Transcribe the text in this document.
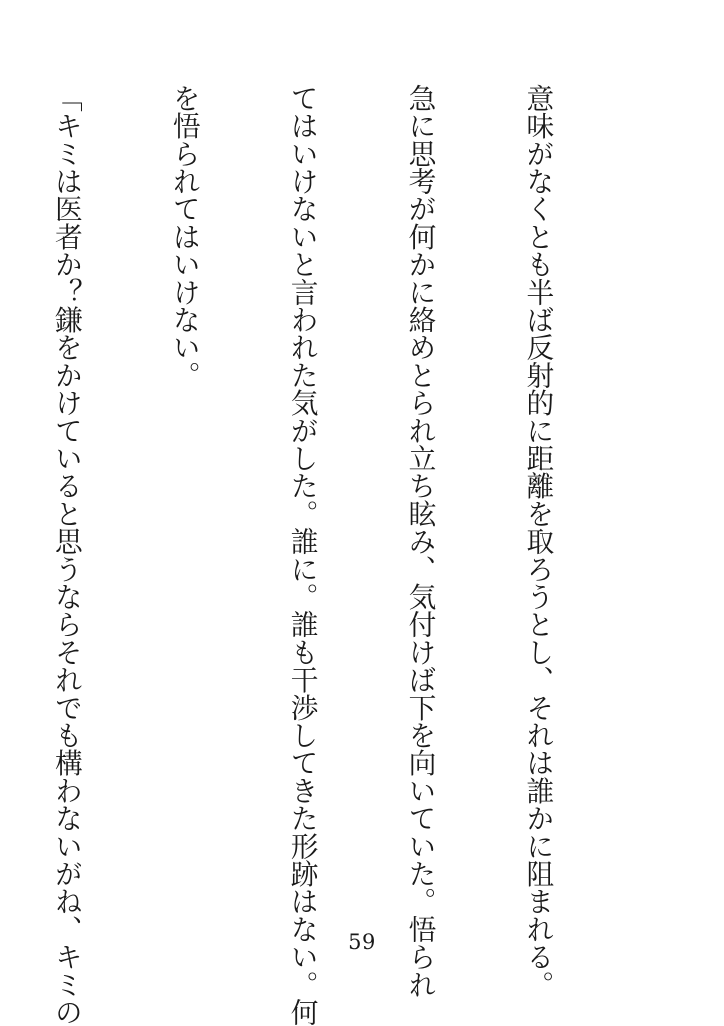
意味がなくとも半ば反射的に距離を取ろうとし、それは誰かに阻まれる。

急に思考が何かに絡めとられ立ち眩み、気付けば下を向いていた。悟られ

てはいけないと言われた気がした。誰に。誰も干渉してきた形跡はない。何

を悟られてはいけない。

「キミは医者か？鎌をかけていると思うならそれでも構わないがね、キミの

	59
